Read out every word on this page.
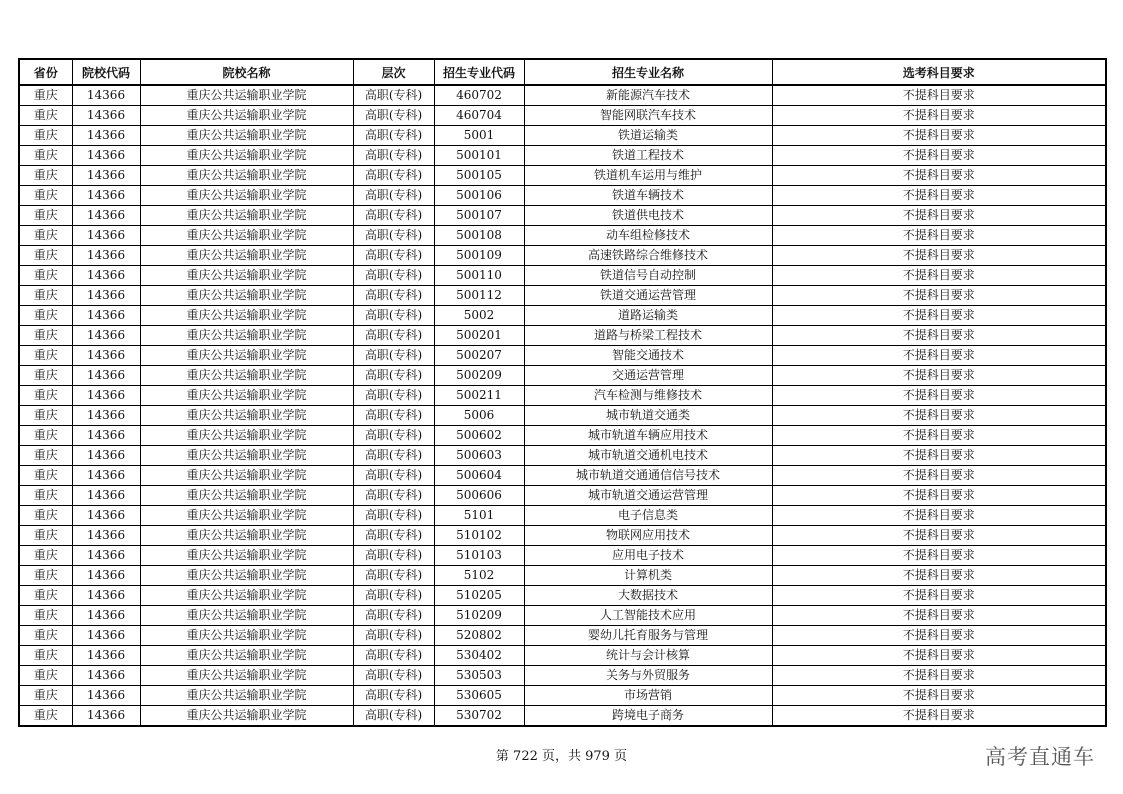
省份	院校代码	院校名称	层次	招生专业代码	招生专业名称	选考科目要求
重庆	14366	重庆公共运输职业学院	高职(专科)	460702	新能源汽车技术	不提科目要求
重庆	14366	重庆公共运输职业学院	高职(专科)	460704	智能网联汽车技术	不提科目要求
重庆	14366	重庆公共运输职业学院	高职(专科)	5001	铁道运输类	不提科目要求
重庆	14366	重庆公共运输职业学院	高职(专科)	500101	铁道工程技术	不提科目要求
重庆	14366	重庆公共运输职业学院	高职(专科)	500105	铁道机车运用与维护	不提科目要求
重庆	14366	重庆公共运输职业学院	高职(专科)	500106	铁道车辆技术	不提科目要求
重庆	14366	重庆公共运输职业学院	高职(专科)	500107	铁道供电技术	不提科目要求
重庆	14366	重庆公共运输职业学院	高职(专科)	500108	动车组检修技术	不提科目要求
重庆	14366	重庆公共运输职业学院	高职(专科)	500109	高速铁路综合维修技术	不提科目要求
重庆	14366	重庆公共运输职业学院	高职(专科)	500110	铁道信号自动控制	不提科目要求
重庆	14366	重庆公共运输职业学院	高职(专科)	500112	铁道交通运营管理	不提科目要求
重庆	14366	重庆公共运输职业学院	高职(专科)	5002	道路运输类	不提科目要求
重庆	14366	重庆公共运输职业学院	高职(专科)	500201	道路与桥梁工程技术	不提科目要求
重庆	14366	重庆公共运输职业学院	高职(专科)	500207	智能交通技术	不提科目要求
重庆	14366	重庆公共运输职业学院	高职(专科)	500209	交通运营管理	不提科目要求
重庆	14366	重庆公共运输职业学院	高职(专科)	500211	汽车检测与维修技术	不提科目要求
重庆	14366	重庆公共运输职业学院	高职(专科)	5006	城市轨道交通类	不提科目要求
重庆	14366	重庆公共运输职业学院	高职(专科)	500602	城市轨道车辆应用技术	不提科目要求
重庆	14366	重庆公共运输职业学院	高职(专科)	500603	城市轨道交通机电技术	不提科目要求
重庆	14366	重庆公共运输职业学院	高职(专科)	500604	城市轨道交通通信信号技术	不提科目要求
重庆	14366	重庆公共运输职业学院	高职(专科)	500606	城市轨道交通运营管理	不提科目要求
重庆	14366	重庆公共运输职业学院	高职(专科)	5101	电子信息类	不提科目要求
重庆	14366	重庆公共运输职业学院	高职(专科)	510102	物联网应用技术	不提科目要求
重庆	14366	重庆公共运输职业学院	高职(专科)	510103	应用电子技术	不提科目要求
重庆	14366	重庆公共运输职业学院	高职(专科)	5102	计算机类	不提科目要求
重庆	14366	重庆公共运输职业学院	高职(专科)	510205	大数据技术	不提科目要求
重庆	14366	重庆公共运输职业学院	高职(专科)	510209	人工智能技术应用	不提科目要求
重庆	14366	重庆公共运输职业学院	高职(专科)	520802	婴幼儿托育服务与管理	不提科目要求
重庆	14366	重庆公共运输职业学院	高职(专科)	530402	统计与会计核算	不提科目要求
重庆	14366	重庆公共运输职业学院	高职(专科)	530503	关务与外贸服务	不提科目要求
重庆	14366	重庆公共运输职业学院	高职(专科)	530605	市场营销	不提科目要求
重庆	14366	重庆公共运输职业学院	高职(专科)	530702	跨境电子商务	不提科目要求
第 722 页，共 979 页	高考直通车
